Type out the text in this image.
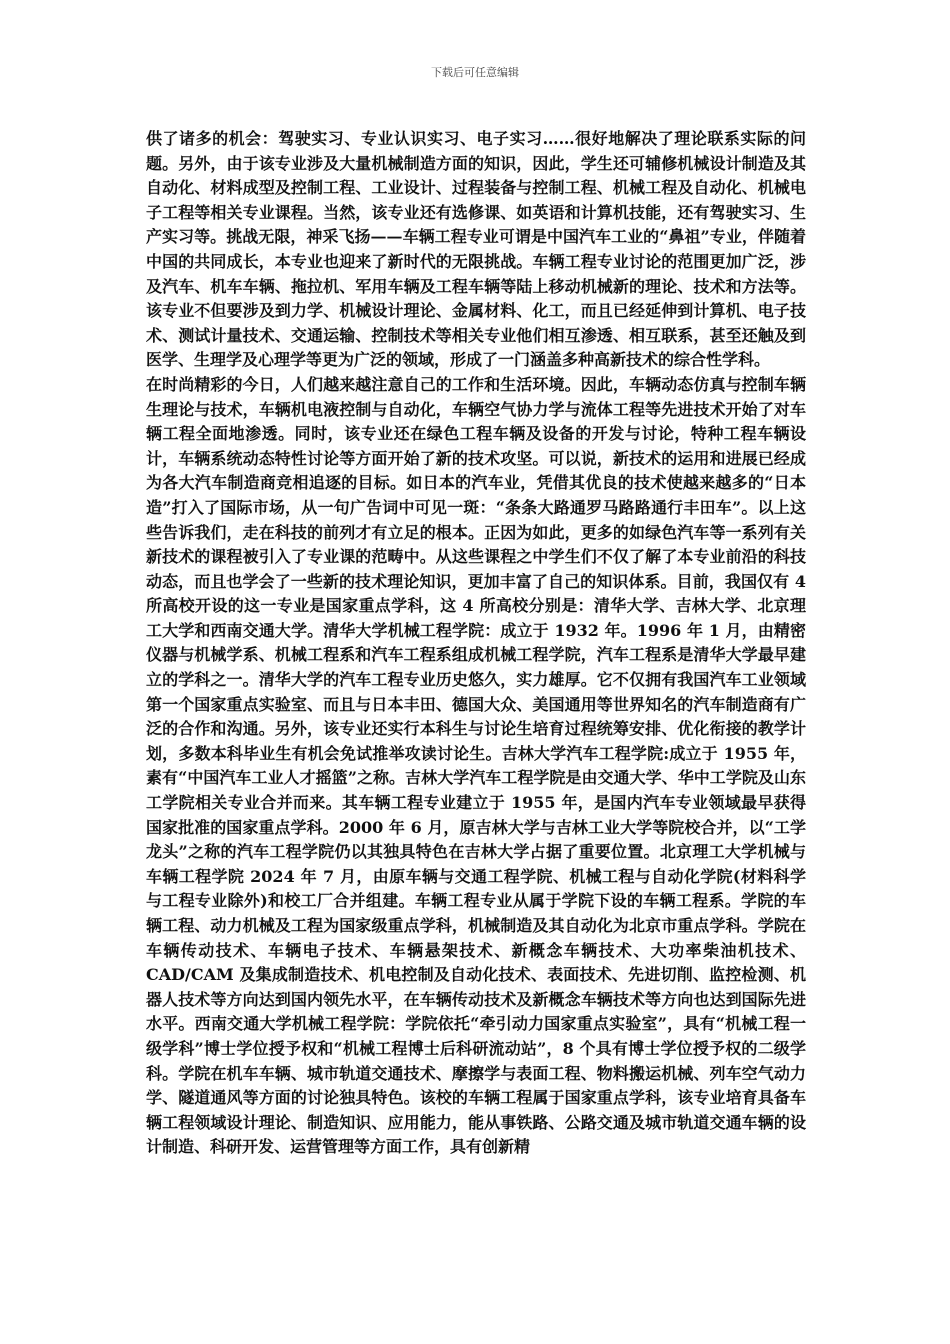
下载后可任意编辑

供了诸多的机会：驾驶实习、专业认识实习、电子实习……很好地解决了理论联系实际的问题。另外，由于该专业涉及大量机械制造方面的知识，因此，学生还可辅修机械设计制造及其自动化、材料成型及控制工程、工业设计、过程装备与控制工程、机械工程及自动化、机械电子工程等相关专业课程。当然，该专业还有选修课、如英语和计算机技能，还有驾驶实习、生产实习等。挑战无限，神采飞扬——车辆工程专业可谓是中国汽车工业的“鼻祖”专业，伴随着中国的共同成长，本专业也迎来了新时代的无限挑战。车辆工程专业讨论的范围更加广泛，涉及汽车、机车车辆、拖拉机、军用车辆及工程车辆等陆上移动机械新的理论、技术和方法等。该专业不但要涉及到力学、机械设计理论、金属材料、化工，而且已经延伸到计算机、电子技术、测试计量技术、交通运输、控制技术等相关专业他们相互渗透、相互联系，甚至还触及到医学、生理学及心理学等更为广泛的领域，形成了一门涵盖多种高新技术的综合性学科。

在时尚精彩的今日，人们越来越注意自己的工作和生活环境。因此，车辆动态仿真与控制车辆生理论与技术，车辆机电液控制与自动化，车辆空气协力学与流体工程等先进技术开始了对车辆工程全面地渗透。同时，该专业还在绿色工程车辆及设备的开发与讨论，特种工程车辆设计，车辆系统动态特性讨论等方面开始了新的技术攻坚。可以说，新技术的运用和进展已经成为各大汽车制造商竞相追逐的目标。如日本的汽车业，凭借其优良的技术使越来越多的“日本造”打入了国际市场，从一句广告词中可见一斑：“条条大路通罗马路路通行丰田车”。以上这些告诉我们，走在科技的前列才有立足的根本。正因为如此，更多的如绿色汽车等一系列有关新技术的课程被引入了专业课的范畴中。从这些课程之中学生们不仅了解了本专业前沿的科技动态，而且也学会了一些新的技术理论知识，更加丰富了自己的知识体系。目前，我国仅有 4 所高校开设的这一专业是国家重点学科，这 4 所高校分别是：清华大学、吉林大学、北京理工大学和西南交通大学。清华大学机械工程学院：成立于 1932 年。1996 年 1 月，由精密仪器与机械学系、机械工程系和汽车工程系组成机械工程学院，汽车工程系是清华大学最早建立的学科之一。清华大学的汽车工程专业历史悠久，实力雄厚。它不仅拥有我国汽车工业领域第一个国家重点实验室、而且与日本丰田、德国大众、美国通用等世界知名的汽车制造商有广泛的合作和沟通。另外，该专业还实行本科生与讨论生培育过程统筹安排、优化衔接的教学计划，多数本科毕业生有机会免试推举攻读讨论生。吉林大学汽车工程学院:成立于 1955 年，素有“中国汽车工业人才摇篮”之称。吉林大学汽车工程学院是由交通大学、华中工学院及山东工学院相关专业合并而来。其车辆工程专业建立于 1955 年，是国内汽车专业领域最早获得国家批准的国家重点学科。2000 年 6 月，原吉林大学与吉林工业大学等院校合并，以“工学龙头”之称的汽车工程学院仍以其独具特色在吉林大学占据了重要位置。北京理工大学机械与车辆工程学院 2024 年 7 月，由原车辆与交通工程学院、机械工程与自动化学院(材料科学与工程专业除外)和校工厂合并组建。车辆工程专业从属于学院下设的车辆工程系。学院的车辆工程、动力机械及工程为国家级重点学科，机械制造及其自动化为北京市重点学科。学院在车辆传动技术、车辆电子技术、车辆悬架技术、新概念车辆技术、大功率柴油机技术、CAD/CAM 及集成制造技术、机电控制及自动化技术、表面技术、先进切削、监控检测、机器人技术等方向达到国内领先水平，在车辆传动技术及新概念车辆技术等方向也达到国际先进水平。西南交通大学机械工程学院：学院依托“牵引动力国家重点实验室”，具有“机械工程一级学科”博士学位授予权和“机械工程博士后科研流动站”，8 个具有博士学位授予权的二级学科。学院在机车车辆、城市轨道交通技术、摩擦学与表面工程、物料搬运机械、列车空气动力学、隧道通风等方面的讨论独具特色。该校的车辆工程属于国家重点学科，该专业培育具备车辆工程领域设计理论、制造知识、应用能力，能从事铁路、公路交通及城市轨道交通车辆的设计制造、科研开发、运营管理等方面工作，具有创新精
